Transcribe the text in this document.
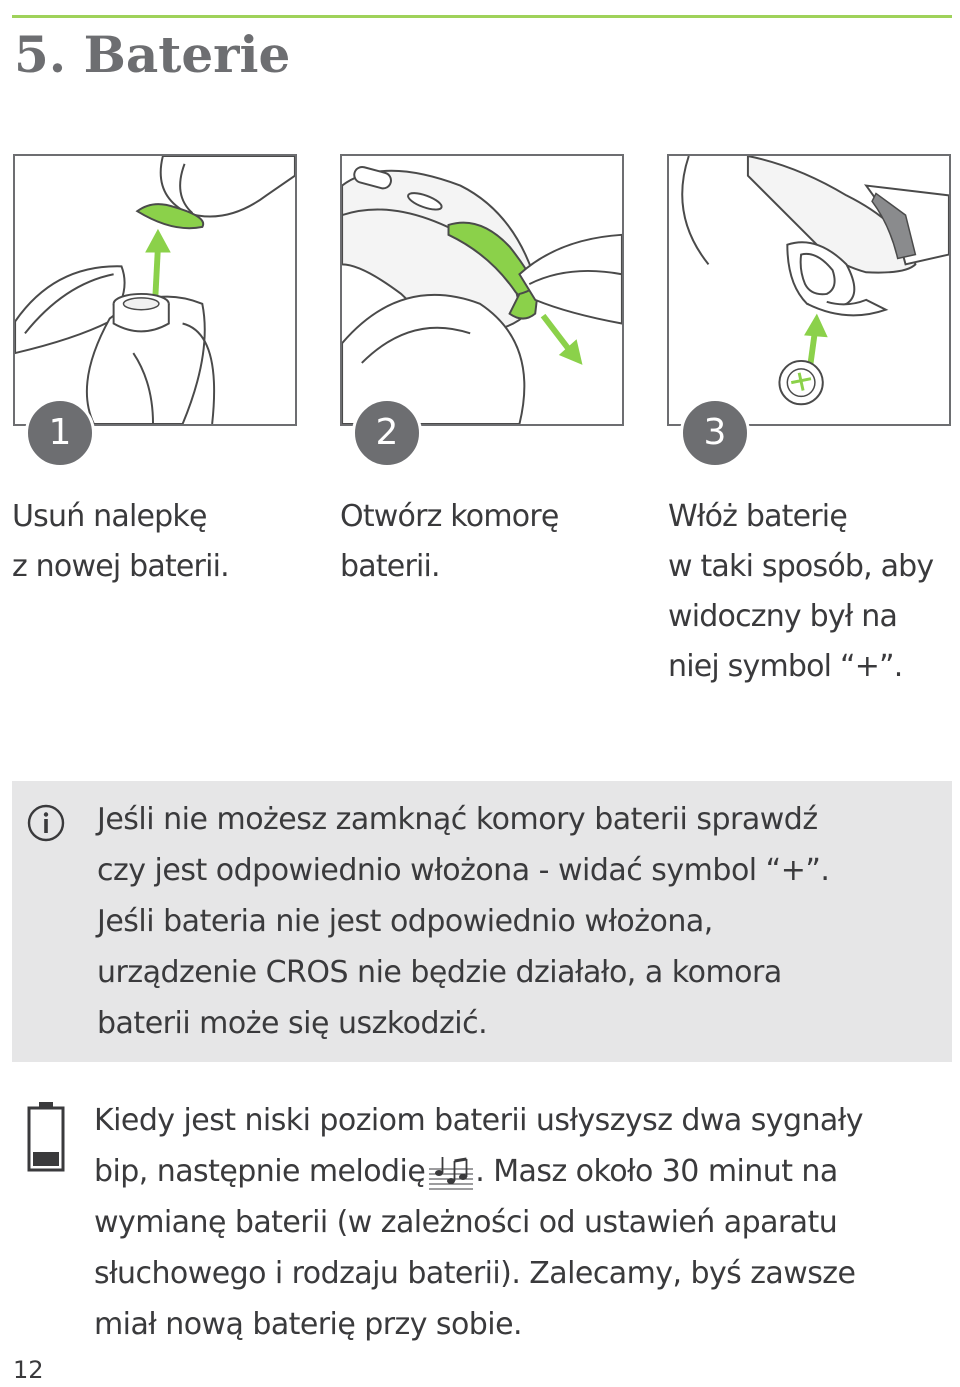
5. Baterie
1	2	3
Usuń nalepkę
z nowej baterii.
Otwórz komorę
baterii.
Włóż baterię
w taki sposób, aby
widoczny był na
niej symbol “+”.
Jeśli nie możesz zamknąć komory baterii sprawdź
czy jest odpowiednio włożona - widać symbol “+”.
Jeśli bateria nie jest odpowiednio włożona,
urządzenie CROS nie będzie działało, a komora
baterii może się uszkodzić.
Kiedy jest niski poziom baterii usłyszysz dwa sygnały
bip, następnie melodię . Masz około 30 minut na
wymianę baterii (w zależności od ustawień aparatu
słuchowego i rodzaju baterii). Zalecamy, byś zawsze
miał nową baterię przy sobie.
12
